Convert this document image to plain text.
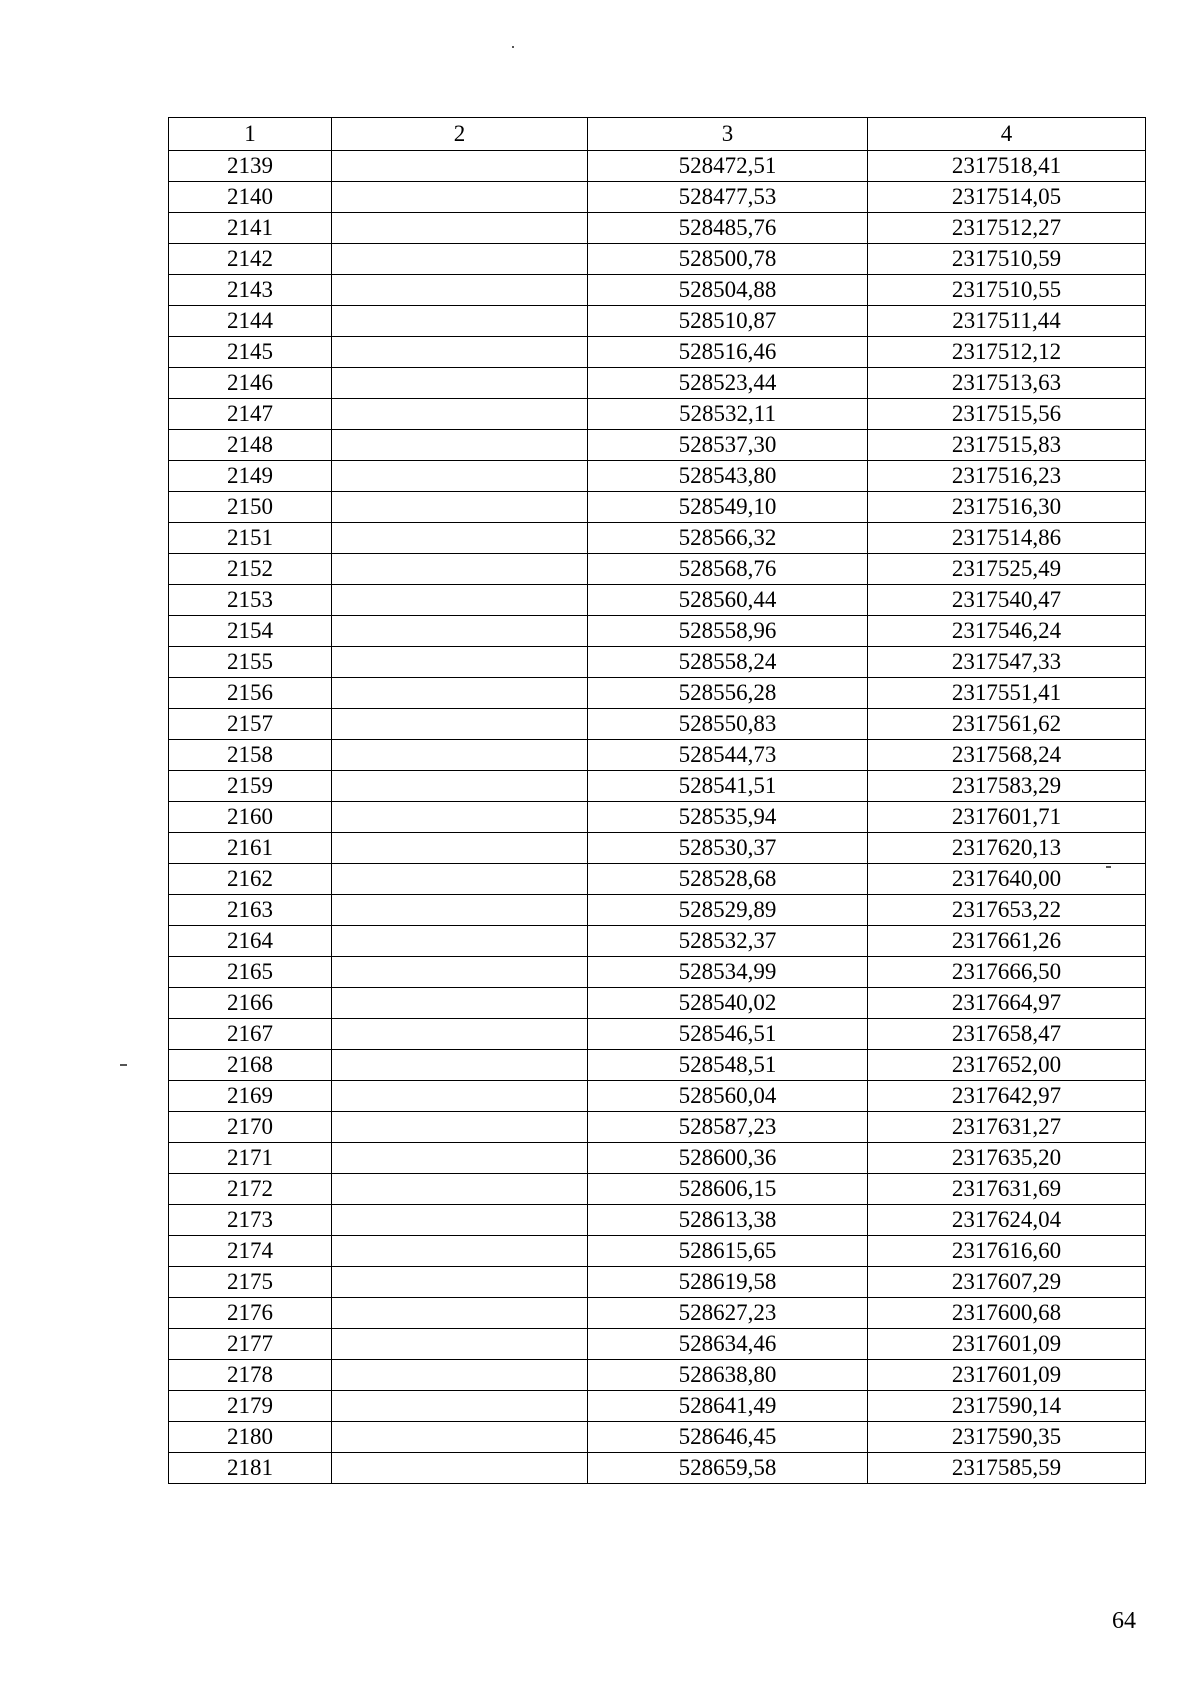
1	2	3	4
2139		528472,51	2317518,41
2140		528477,53	2317514,05
2141		528485,76	2317512,27
2142		528500,78	2317510,59
2143		528504,88	2317510,55
2144		528510,87	2317511,44
2145		528516,46	2317512,12
2146		528523,44	2317513,63
2147		528532,11	2317515,56
2148		528537,30	2317515,83
2149		528543,80	2317516,23
2150		528549,10	2317516,30
2151		528566,32	2317514,86
2152		528568,76	2317525,49
2153		528560,44	2317540,47
2154		528558,96	2317546,24
2155		528558,24	2317547,33
2156		528556,28	2317551,41
2157		528550,83	2317561,62
2158		528544,73	2317568,24
2159		528541,51	2317583,29
2160		528535,94	2317601,71
2161		528530,37	2317620,13
2162		528528,68	2317640,00
2163		528529,89	2317653,22
2164		528532,37	2317661,26
2165		528534,99	2317666,50
2166		528540,02	2317664,97
2167		528546,51	2317658,47
2168		528548,51	2317652,00
2169		528560,04	2317642,97
2170		528587,23	2317631,27
2171		528600,36	2317635,20
2172		528606,15	2317631,69
2173		528613,38	2317624,04
2174		528615,65	2317616,60
2175		528619,58	2317607,29
2176		528627,23	2317600,68
2177		528634,46	2317601,09
2178		528638,80	2317601,09
2179		528641,49	2317590,14
2180		528646,45	2317590,35
2181		528659,58	2317585,59
64
